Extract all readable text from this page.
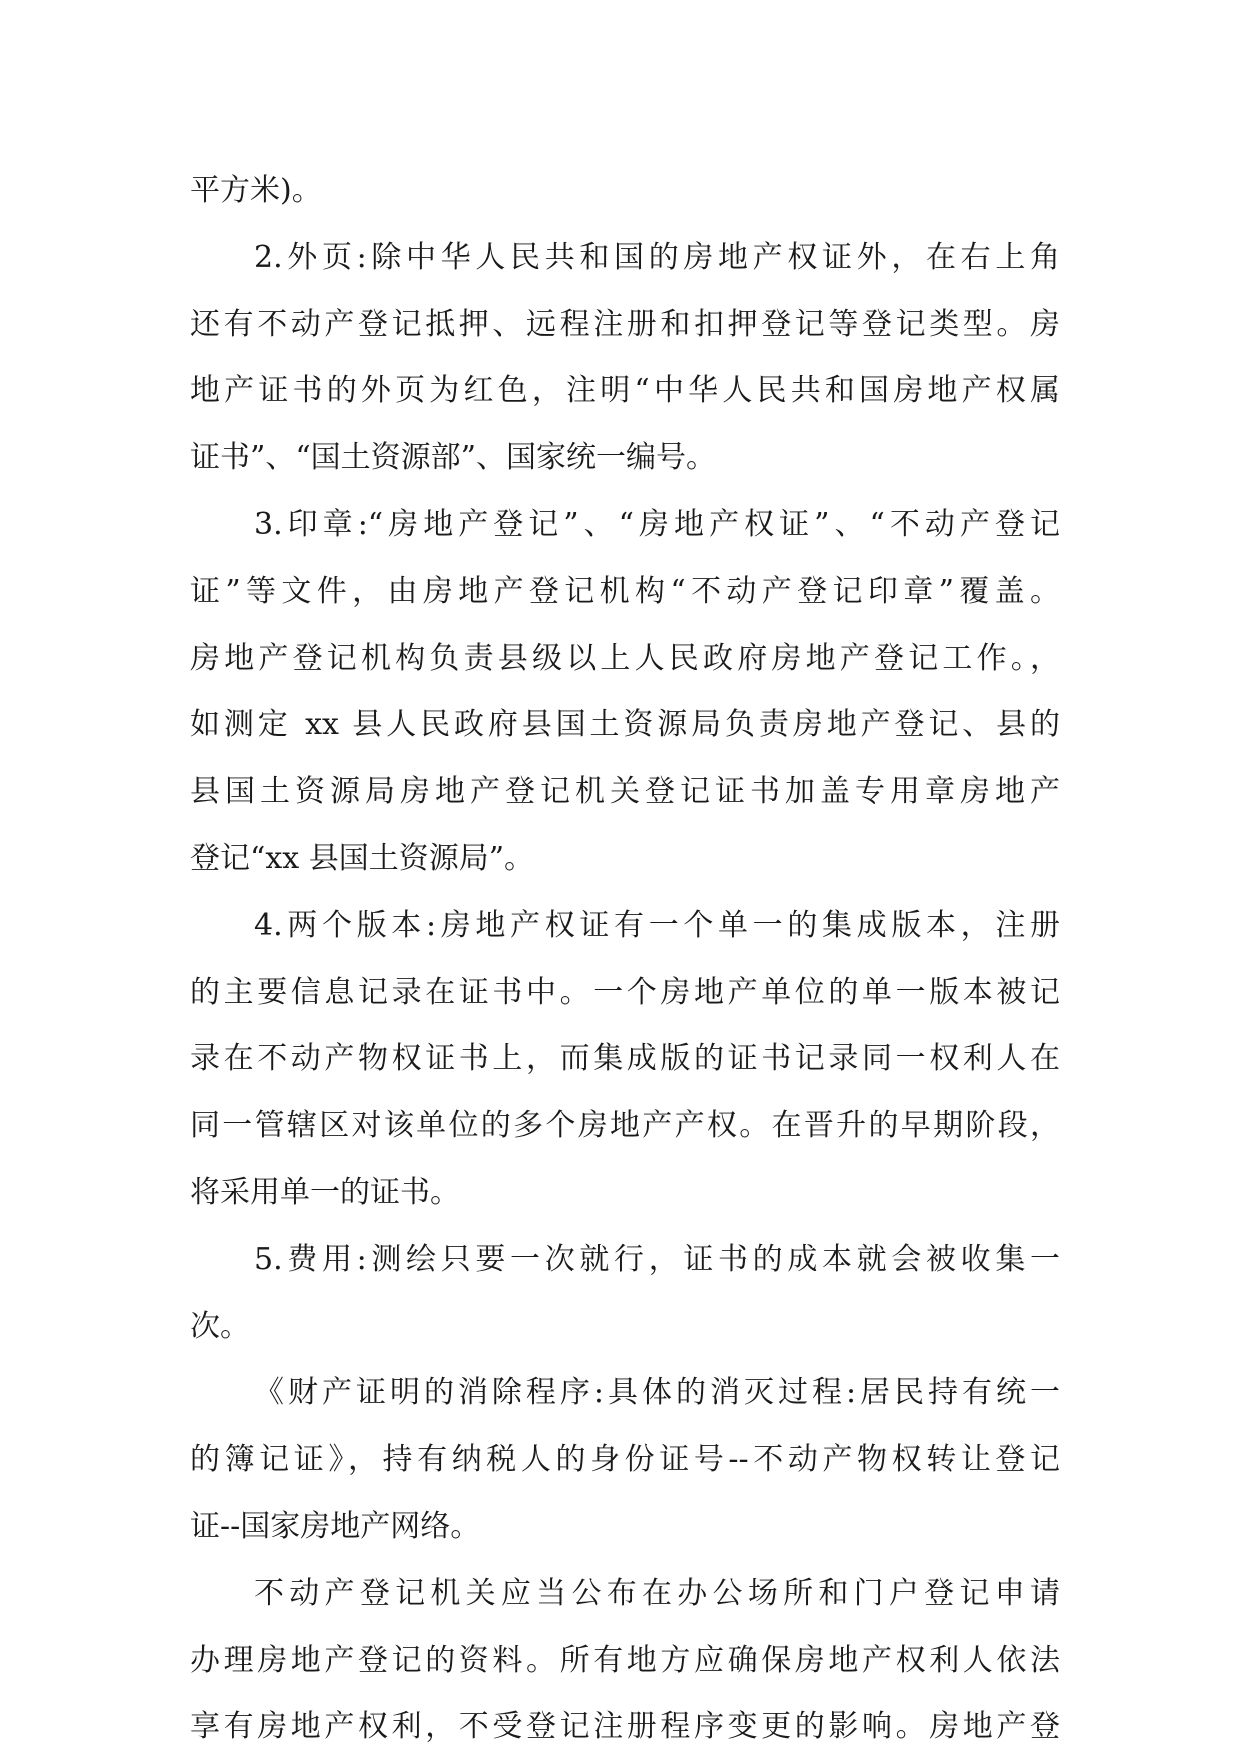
平方米)。
2.外页:除中华人民共和国的房地产权证外，在右上角
还有不动产登记抵押、远程注册和扣押登记等登记类型。房
地产证书的外页为红色，注明“中华人民共和国房地产权属
证书”、“国土资源部”、国家统一编号。
3.印章:“房地产登记”、“房地产权证”、“不动产登记
证”等文件，由房地产登记机构“不动产登记印章”覆盖。
房地产登记机构负责县级以上人民政府房地产登记工作。，
如测定 xx 县人民政府县国土资源局负责房地产登记、县的
县国土资源局房地产登记机关登记证书加盖专用章房地产
登记“xx 县国土资源局”。
4.两个版本:房地产权证有一个单一的集成版本，注册
的主要信息记录在证书中。一个房地产单位的单一版本被记
录在不动产物权证书上，而集成版的证书记录同一权利人在
同一管辖区对该单位的多个房地产产权。在晋升的早期阶段，
将采用单一的证书。
5.费用:测绘只要一次就行，证书的成本就会被收集一
次。
《财产证明的消除程序:具体的消灭过程:居民持有统一
的簿记证》，持有纳税人的身份证号--不动产物权转让登记
证--国家房地产网络。
不动产登记机关应当公布在办公场所和门户登记申请
办理房地产登记的资料。所有地方应确保房地产权利人依法
享有房地产权利，不受登记注册程序变更的影响。房地产登
